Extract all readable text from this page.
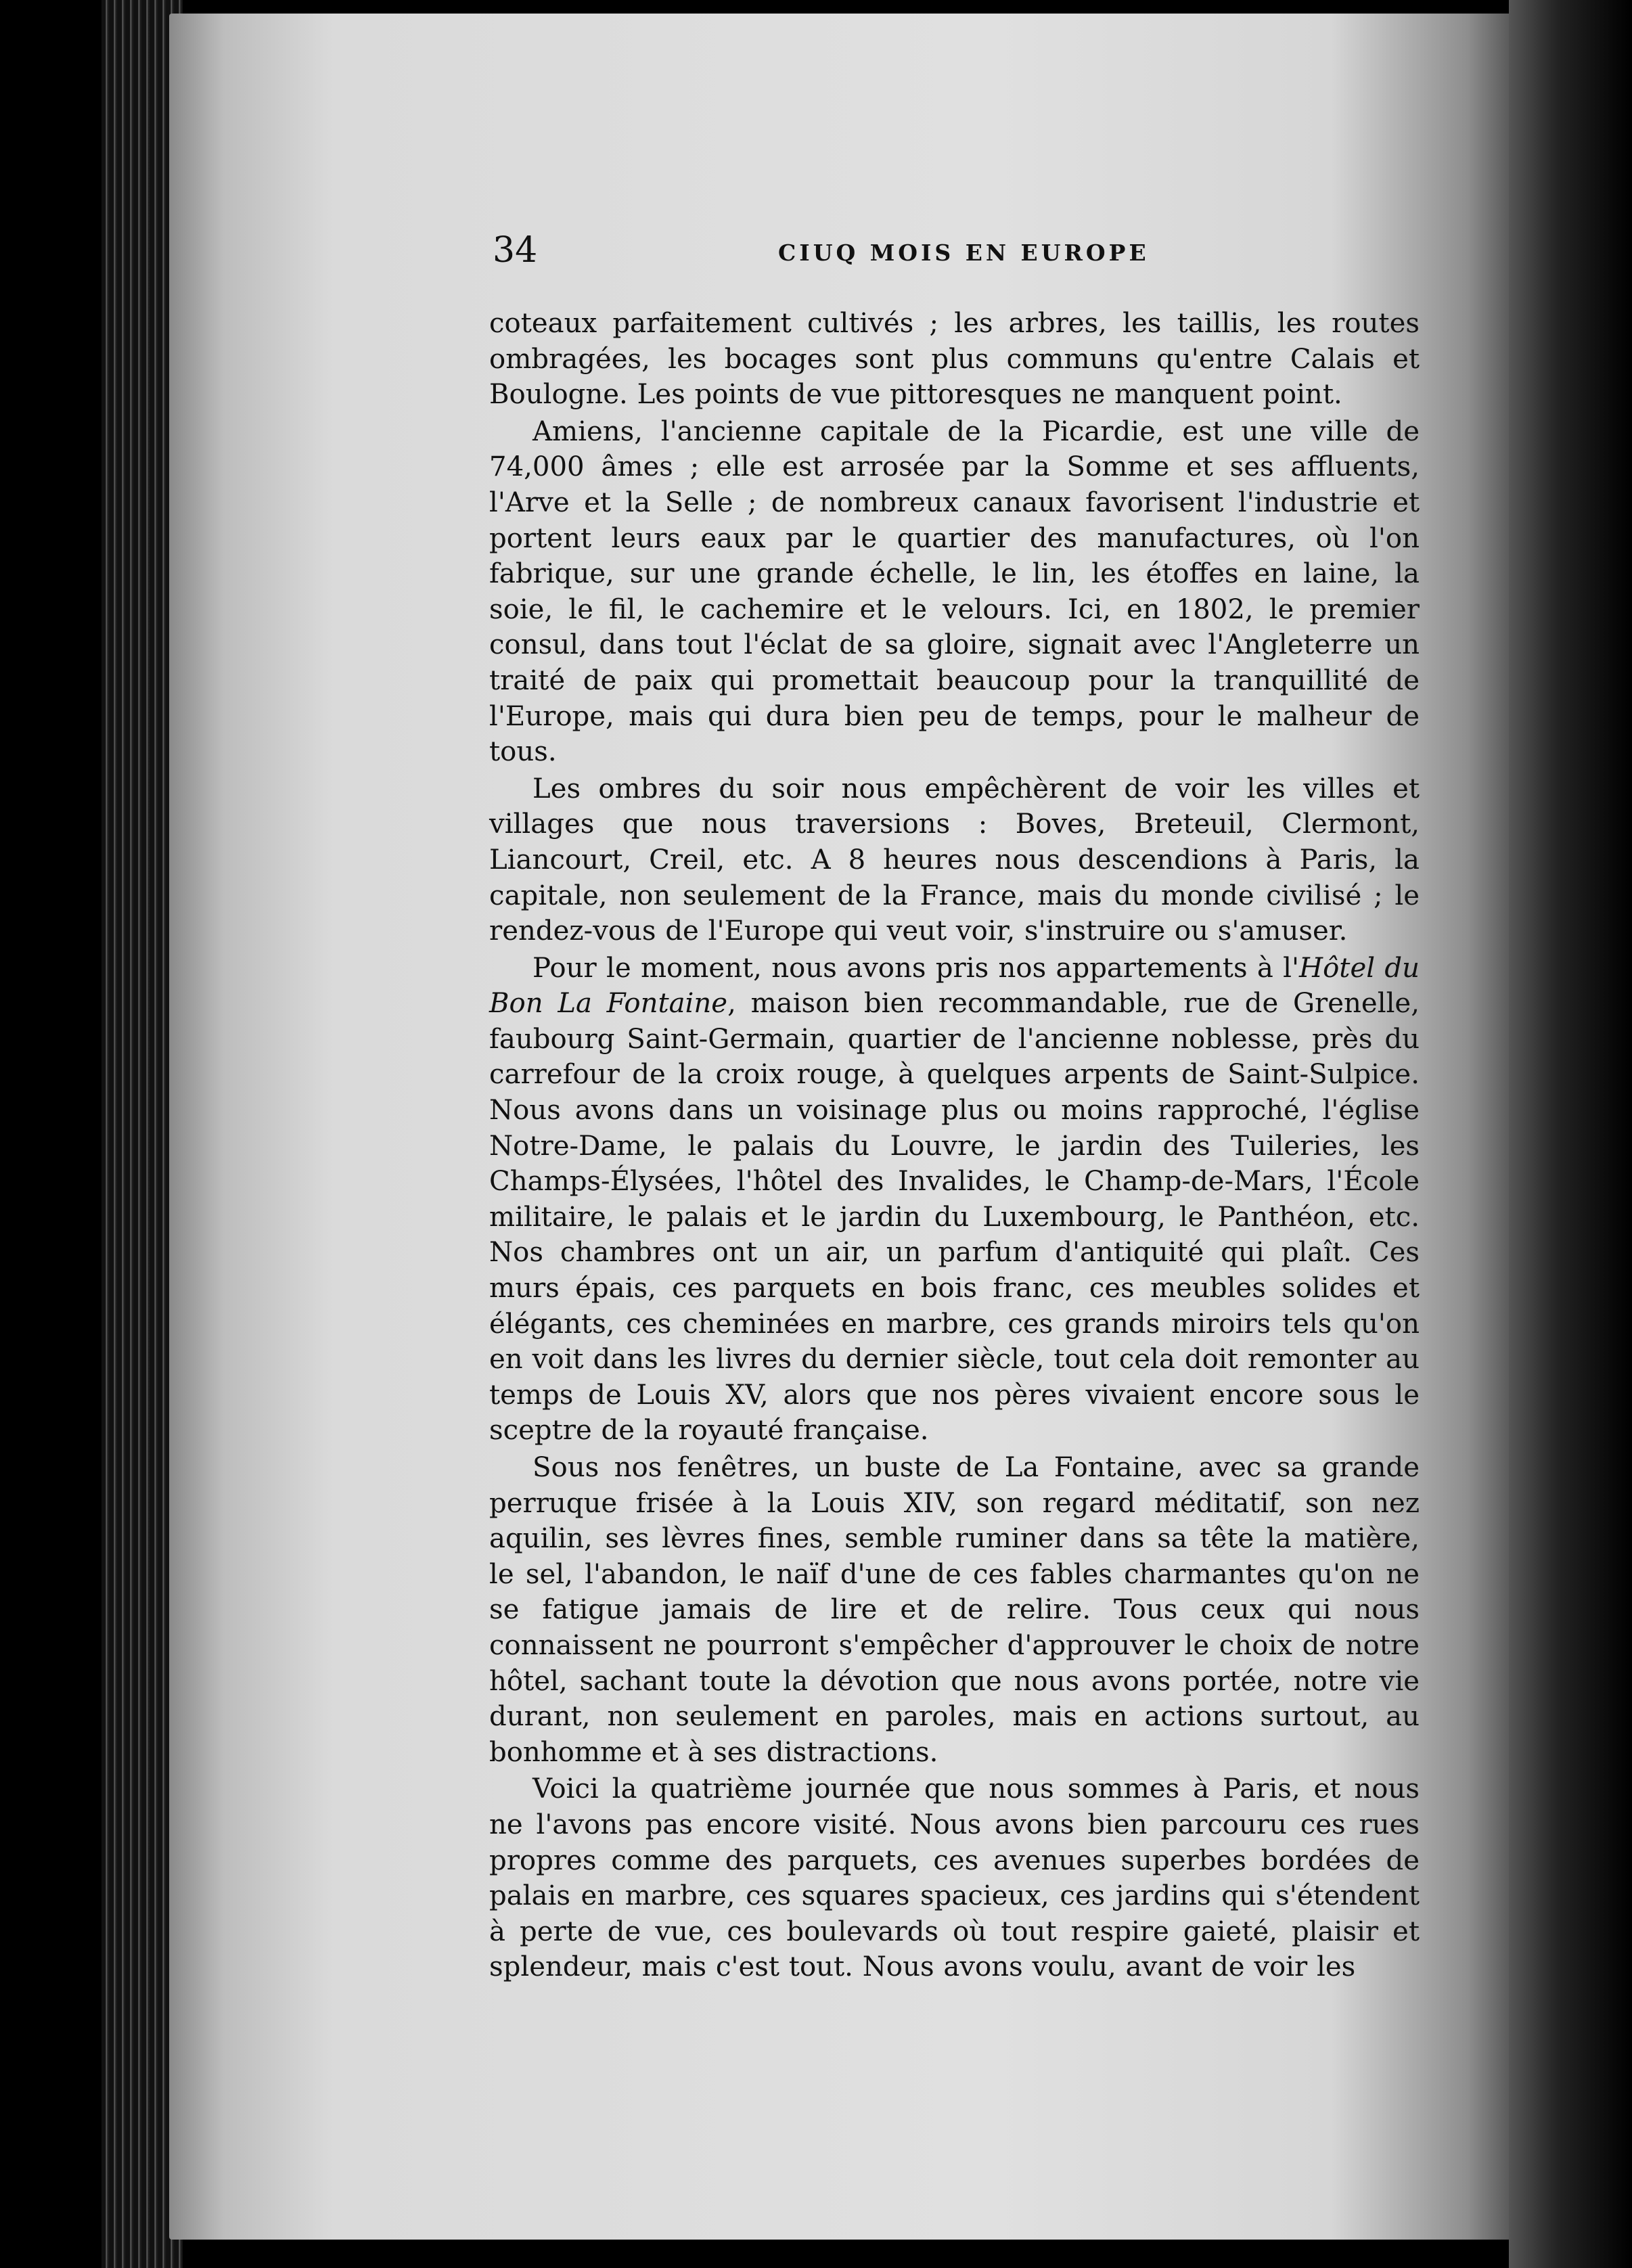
34	CIUQ MOIS EN EUROPE

coteaux parfaitement cultivés ; les arbres, les taillis, les routes ombragées, les bocages sont plus communs qu'entre Calais et Boulogne. Les points de vue pittoresques ne manquent point.

Amiens, l'ancienne capitale de la Picardie, est une ville de 74,000 âmes ; elle est arrosée par la Somme et ses affluents, l'Arve et la Selle ; de nombreux canaux favorisent l'industrie et portent leurs eaux par le quartier des manufactures, où l'on fabrique, sur une grande échelle, le lin, les étoffes en laine, la soie, le fil, le cachemire et le velours. Ici, en 1802, le premier consul, dans tout l'éclat de sa gloire, signait avec l'Angleterre un traité de paix qui promettait beaucoup pour la tranquillité de l'Europe, mais qui dura bien peu de temps, pour le malheur de tous.

Les ombres du soir nous empêchèrent de voir les villes et villages que nous traversions : Boves, Breteuil, Clermont, Liancourt, Creil, etc. A 8 heures nous descendions à Paris, la capitale, non seulement de la France, mais du monde civilisé ; le rendez-vous de l'Europe qui veut voir, s'instruire ou s'amuser.

Pour le moment, nous avons pris nos appartements à l'Hôtel du Bon La Fontaine, maison bien recommandable, rue de Grenelle, faubourg Saint-Germain, quartier de l'ancienne noblesse, près du carrefour de la croix rouge, à quelques arpents de Saint-Sulpice. Nous avons dans un voisinage plus ou moins rapproché, l'église Notre-Dame, le palais du Louvre, le jardin des Tuileries, les Champs-Élysées, l'hôtel des Invalides, le Champ-de-Mars, l'École militaire, le palais et le jardin du Luxembourg, le Panthéon, etc. Nos chambres ont un air, un parfum d'antiquité qui plaît. Ces murs épais, ces parquets en bois franc, ces meubles solides et élégants, ces cheminées en marbre, ces grands miroirs tels qu'on en voit dans les livres du dernier siècle, tout cela doit remonter au temps de Louis XV, alors que nos pères vivaient encore sous le sceptre de la royauté française.

Sous nos fenêtres, un buste de La Fontaine, avec sa grande perruque frisée à la Louis XIV, son regard méditatif, son nez aquilin, ses lèvres fines, semble ruminer dans sa tête la matière, le sel, l'abandon, le naïf d'une de ces fables charmantes qu'on ne se fatigue jamais de lire et de relire. Tous ceux qui nous connaissent ne pourront s'empêcher d'approuver le choix de notre hôtel, sachant toute la dévotion que nous avons portée, notre vie durant, non seulement en paroles, mais en actions surtout, au bonhomme et à ses distractions.

Voici la quatrième journée que nous sommes à Paris, et nous ne l'avons pas encore visité. Nous avons bien parcouru ces rues propres comme des parquets, ces avenues superbes bordées de palais en marbre, ces squares spacieux, ces jardins qui s'étendent à perte de vue, ces boulevards où tout respire gaieté, plaisir et splendeur, mais c'est tout. Nous avons voulu, avant de voir les
